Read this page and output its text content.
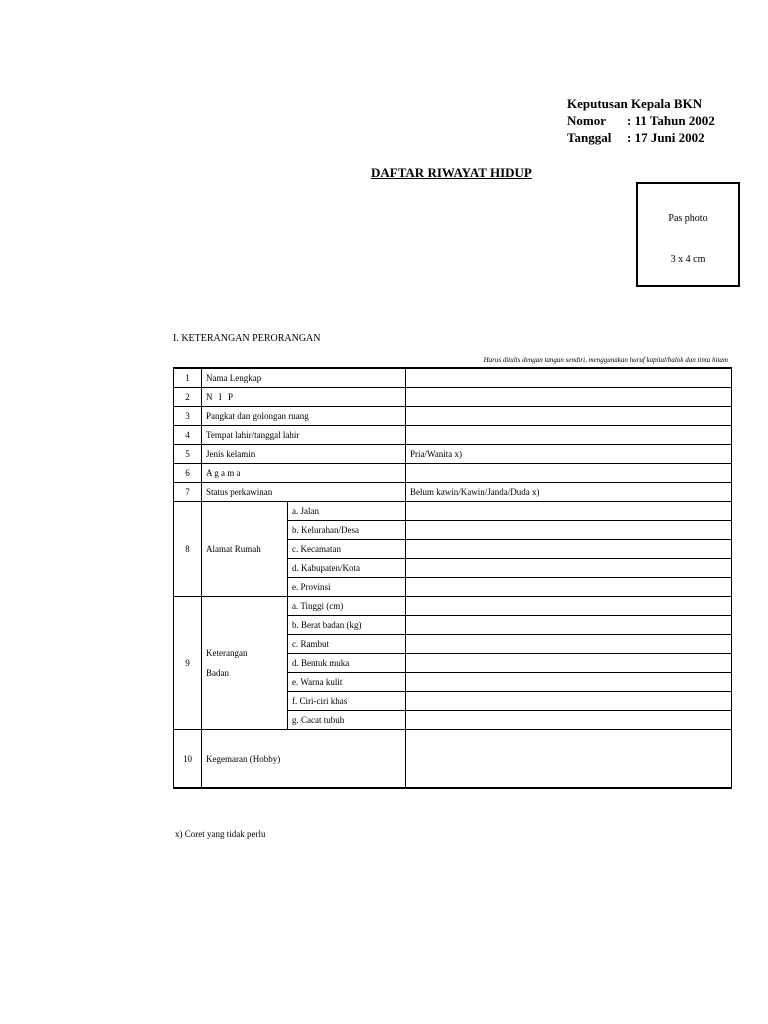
Keputusan Kepala BKN
Nomor	: 11 Tahun 2002
Tanggal	: 17 Juni 2002
DAFTAR RIWAYAT HIDUP
Pas photo
3 x 4 cm
I. KETERANGAN PERORANGAN
Harus ditulis dengan tangan sendiri, menggunakan huruf kapital/balok dan tinta hitam
1	Nama Lengkap		
2	N I P		
3	Pangkat dan golongan ruang		
4	Tempat lahir/tanggal lahir		
5	Jenis kelamin		Pria/Wanita x)
6	A g a m a		
7	Status perkawinan		Belum kawin/Kawin/Janda/Duda x)
8	Alamat Rumah	a. Jalan	
		b. Kelurahan/Desa	
		c. Kecamatan	
		d. Kabupaten/Kota	
		e. Provinsi	
9	Keterangan
Badan	a. Tinggi (cm)	
		b. Berat badan (kg)	
		c. Rambut	
		d. Bentuk muka	
		e. Warna kulit	
		f. Ciri-ciri khas	
		g. Cacat tubuh	
10	Kegemaran (Hobby)		
x) Coret yang tidak perlu
